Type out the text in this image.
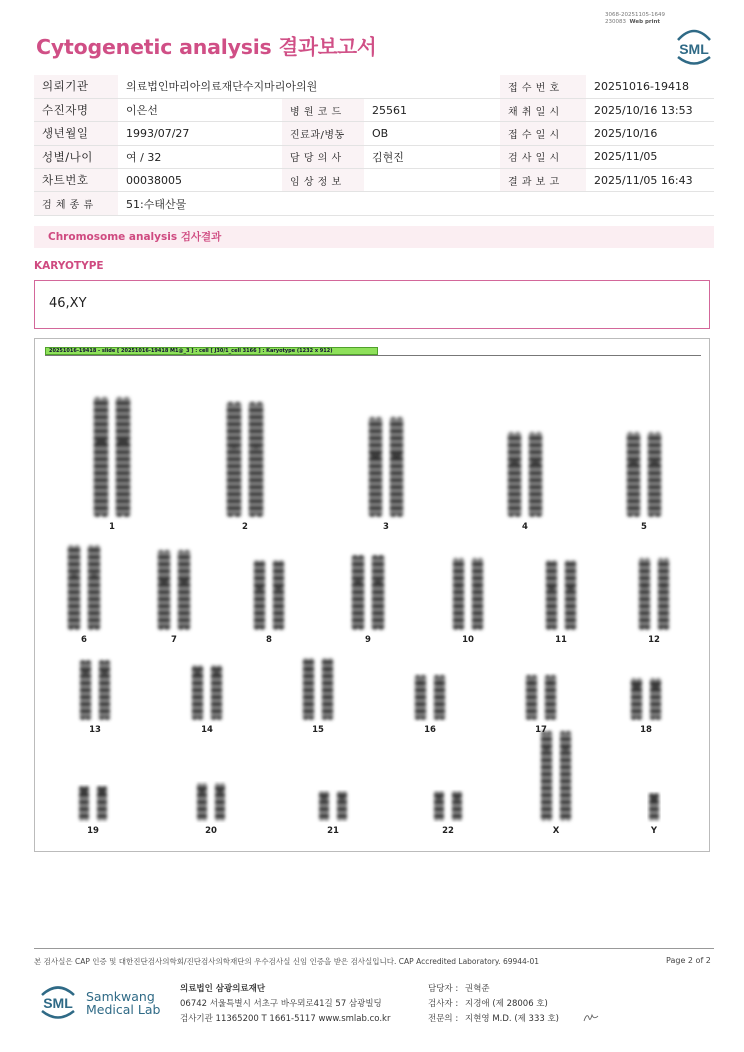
3068-20251105-1649
230083 Web print
Cytogenetic analysis 결과보고서	SML
의뢰기관	의료법인마리아의료재단수지마리아의원			접 수 번 호	20251016-19418
수진자명	이은선	병 원 코 드	25561	채 취 일 시	2025/10/16 13:53
생년월일	1993/07/27	진료과/병동	OB	접 수 일 시	2025/10/16
성별/나이	여 / 32	담 당 의 사	김현진	검 사 일 시	2025/11/05
차트번호	00038005	임 상 정 보		결 과 보 고	2025/11/05 16:43
검 체 종 류	51:수태산물				
Chromosome analysis 검사결과
KARYOTYPE
46,XY
20251016-19418 - slide [ 20251016-19418 M1@_3 ] : cell [ J30/1_cell 3166 ] : Karyotype (1232 x 912)
1	2	3	4	5
6	7	8	9	10	11	12
13	14	15	16	17	18
19	20	21	22	X	Y
본 검사실은 CAP 인증 및 대한진단검사의학회/진단검사의학재단의 우수검사실 신임 인증을 받은 검사실입니다. CAP Accredited Laboratory. 69944-01	Page 2 of 2
SML Samkwang
Medical Lab
의료법인 삼광의료재단
06742 서울특별시 서초구 바우뫼로41길 57 삼광빌딩
검사기관 11365200 T 1661-5117 www.smlab.co.kr
담당자 : 권혁준
검사자 : 지경애 (제 28006 호)
전문의 : 지현영 M.D. (제 333 호)
